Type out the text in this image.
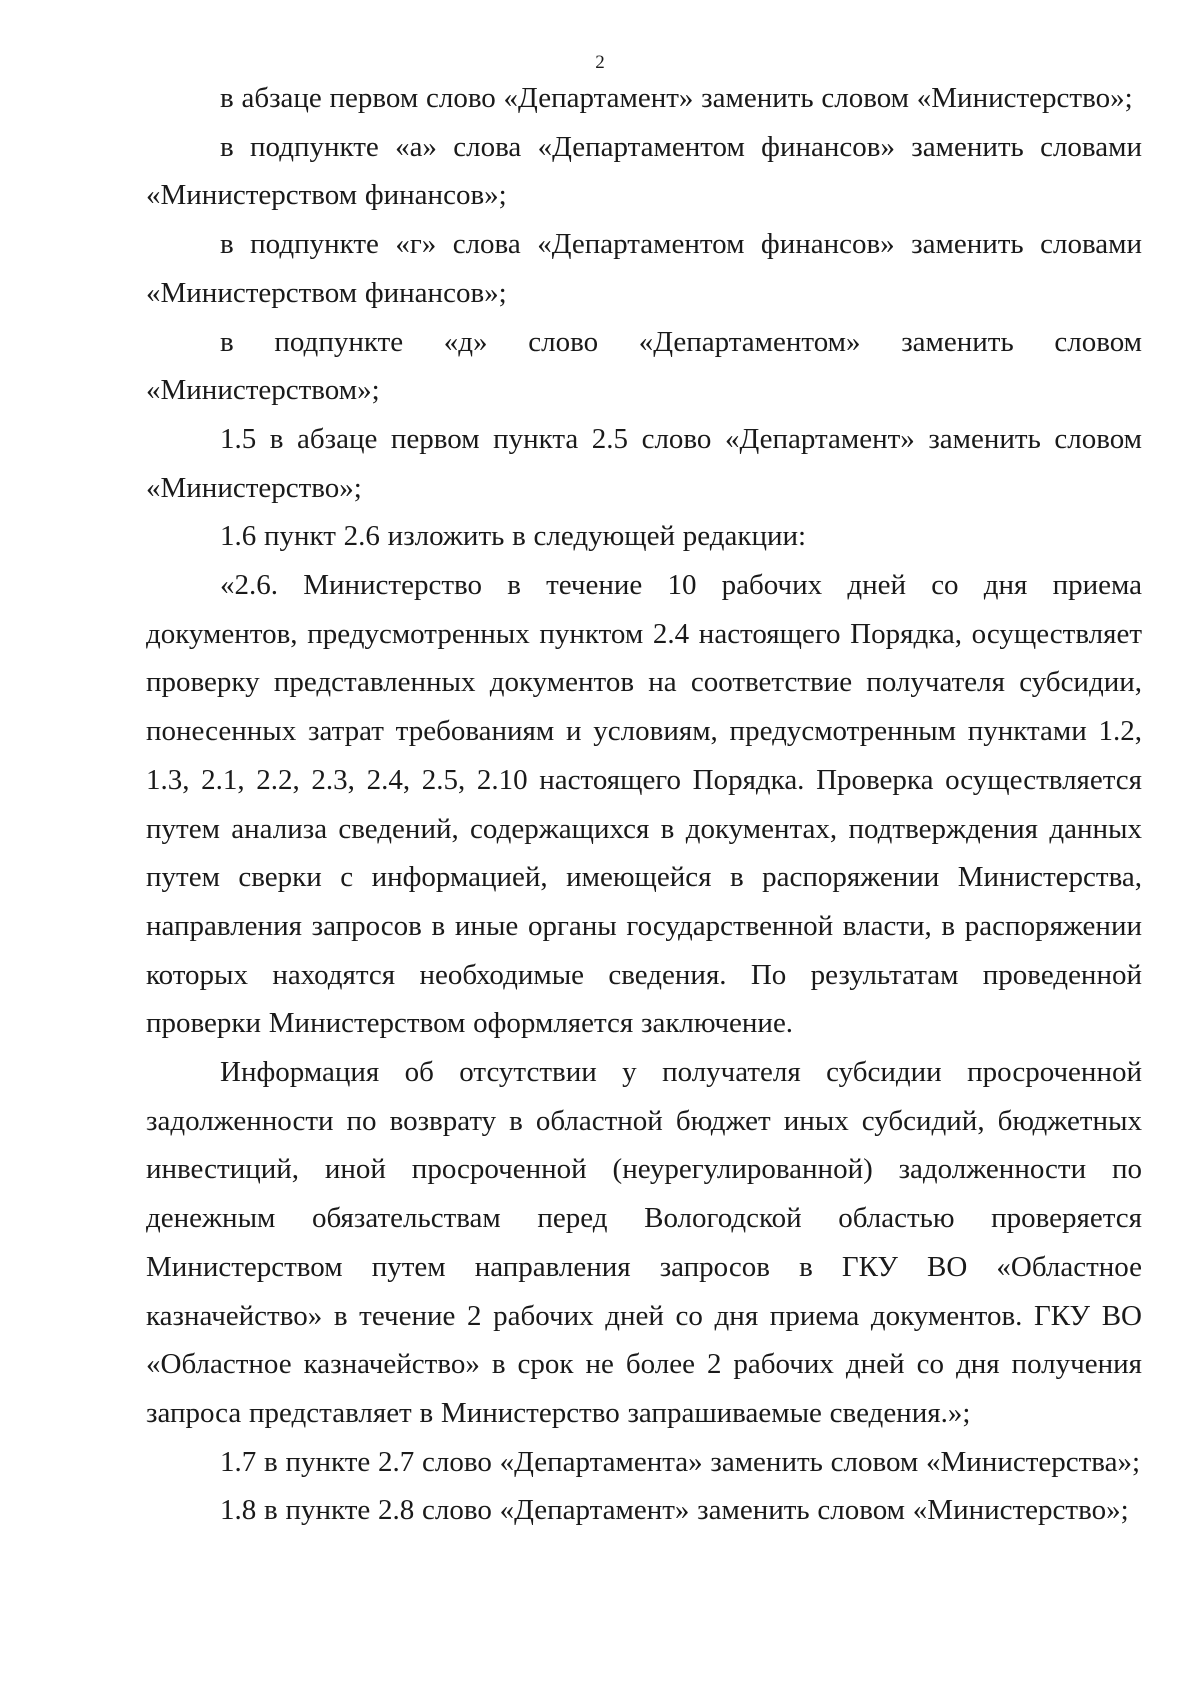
2

в абзаце первом слово «Департамент» заменить словом «Министерство»;

в подпункте «а» слова «Департаментом финансов» заменить словами «Министерством финансов»;

в подпункте «г» слова «Департаментом финансов» заменить словами «Министерством финансов»;

в подпункте «д» слово «Департаментом» заменить словом «Министерством»;

1.5 в абзаце первом пункта 2.5 слово «Департамент» заменить словом «Министерство»;

1.6 пункт 2.6 изложить в следующей редакции:

«2.6. Министерство в течение 10 рабочих дней со дня приема документов, предусмотренных пунктом 2.4 настоящего Порядка, осуществляет проверку представленных документов на соответствие получателя субсидии, понесенных затрат требованиям и условиям, предусмотренным пунктами 1.2, 1.3, 2.1, 2.2, 2.3, 2.4, 2.5, 2.10 настоящего Порядка. Проверка осуществляется путем анализа сведений, содержащихся в документах, подтверждения данных путем сверки с информацией, имеющейся в распоряжении Министерства, направления запросов в иные органы государственной власти, в распоряжении которых находятся необходимые сведения. По результатам проведенной проверки Министерством оформляется заключение.

Информация об отсутствии у получателя субсидии просроченной задолженности по возврату в областной бюджет иных субсидий, бюджетных инвестиций, иной просроченной (неурегулированной) задолженности по денежным обязательствам перед Вологодской областью проверяется Министерством путем направления запросов в ГКУ ВО «Областное казначейство» в течение 2 рабочих дней со дня приема документов. ГКУ ВО «Областное казначейство» в срок не более 2 рабочих дней со дня получения запроса представляет в Министерство запрашиваемые сведения.»;

1.7 в пункте 2.7 слово «Департамента» заменить словом «Министерства»;

1.8 в пункте 2.8 слово «Департамент» заменить словом «Министерство»;
